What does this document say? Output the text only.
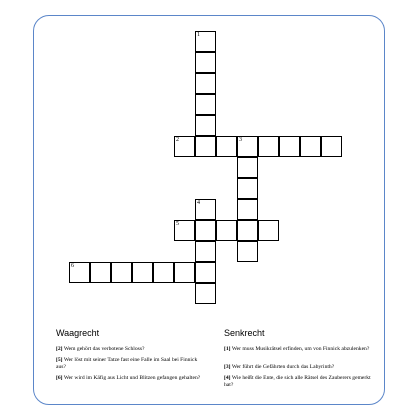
1
2	3
4
5
6
Waagrecht	Senkrecht
[2] Wem gehört das verbotene Schloss?
[5] Wer löst mit seiner Tatze fast eine Falle im Saal bei Finnick aus?
[6] Wer wird im Käfig aus Licht und Blitzen gefangen gehalten?
[1] Wer muss Musikrätsel erfinden, um von Finnick abzulenken?
[3] Wer führt die Gefährten durch das Labyrinth?
[4] Wie heißt die Ente, die sich alle Rätsel des Zauberers gemerkt hat?
